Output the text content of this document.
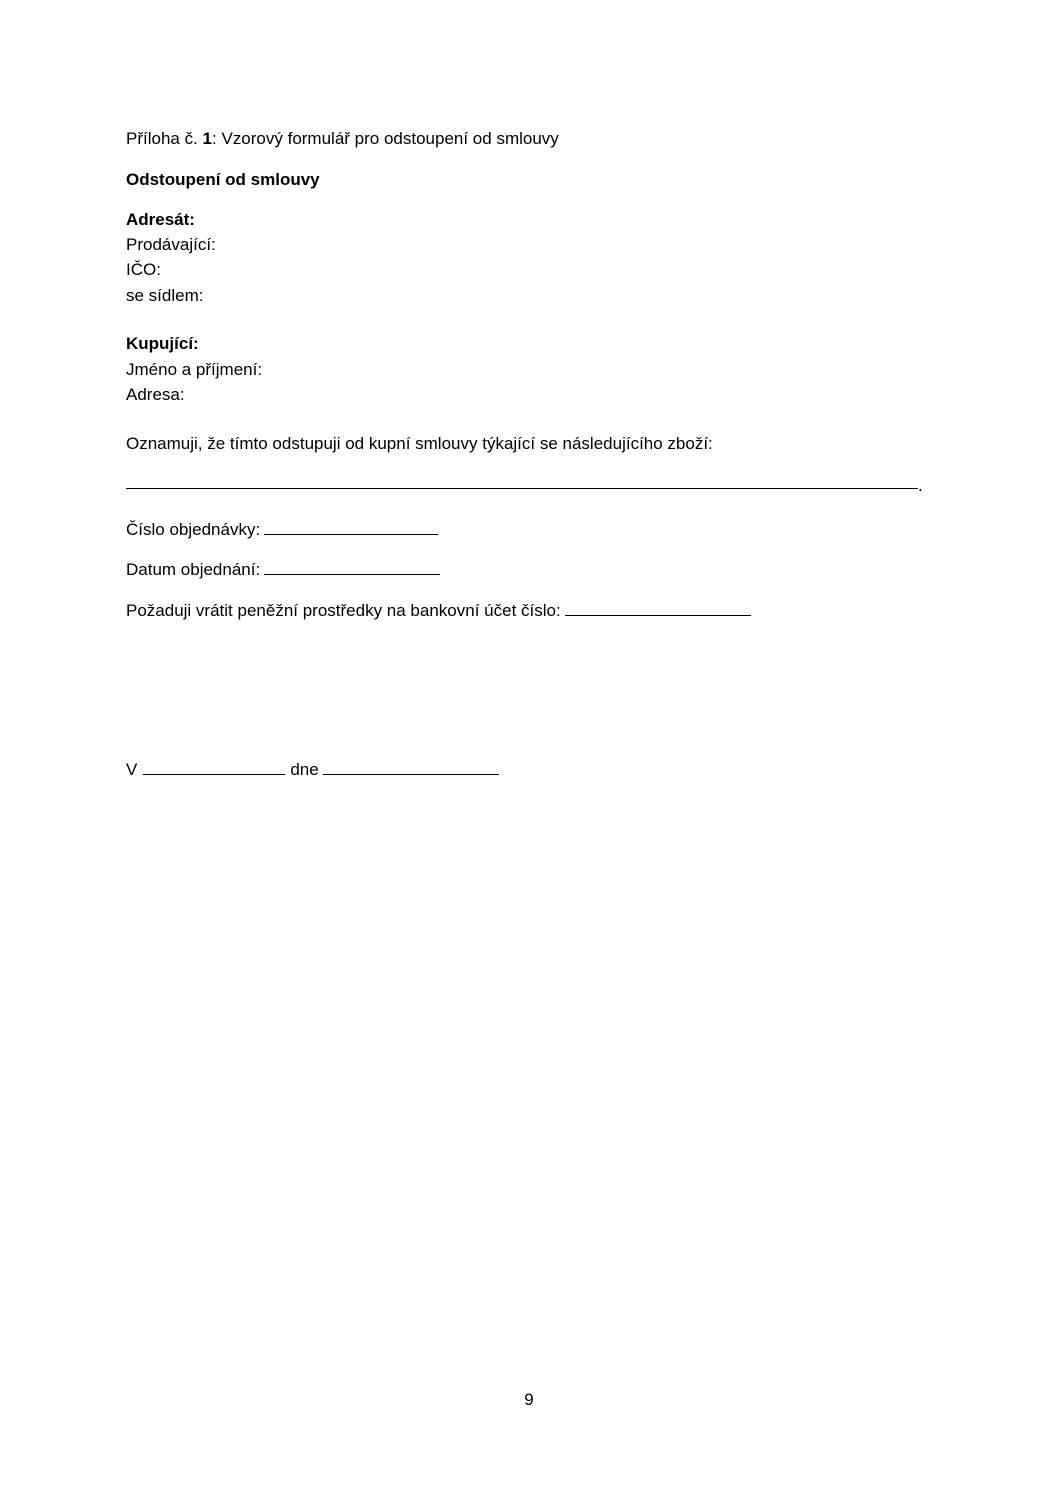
Příloha č. 1: Vzorový formulář pro odstoupení od smlouvy
Odstoupení od smlouvy
Adresát:
Prodávající:
IČO:
se sídlem:
Kupující:
Jméno a příjmení:
Adresa:
Oznamuji, že tímto odstupuji od kupní smlouvy týkající se následujícího zboží:
.
Číslo objednávky:
Datum objednání:
Požaduji vrátit peněžní prostředky na bankovní účet číslo:
V	dne
9
